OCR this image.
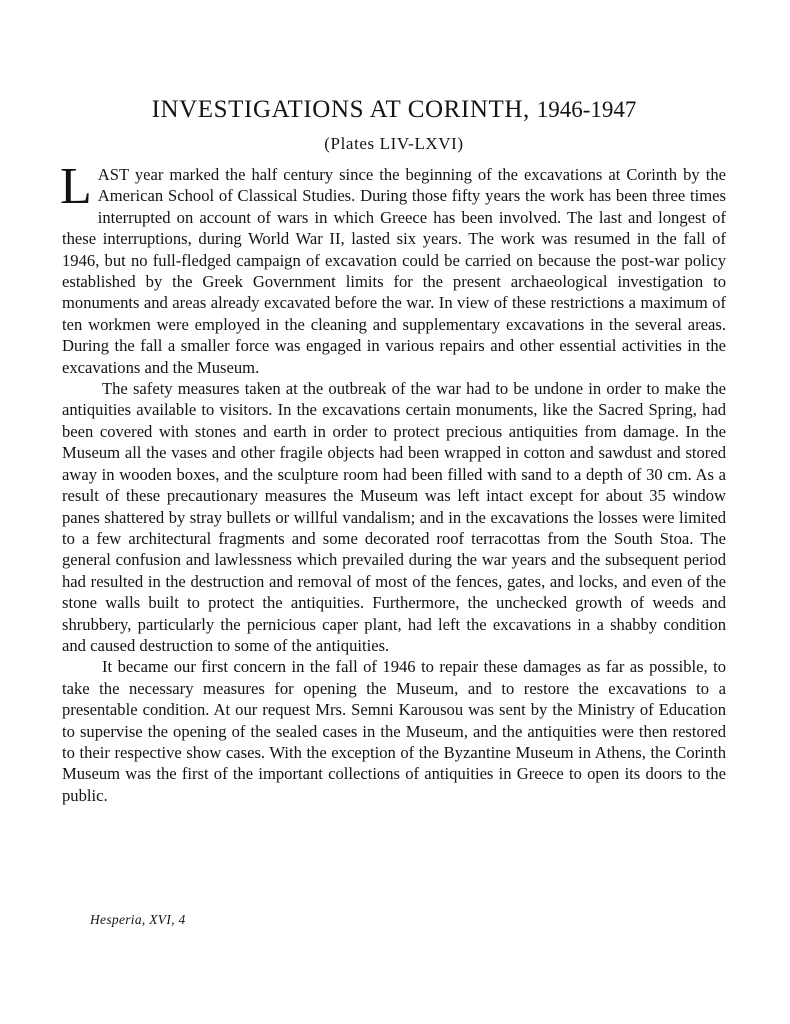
INVESTIGATIONS AT CORINTH, 1946-1947
(Plates LIV-LXVI)

LAST year marked the half century since the beginning of the excavations at Corinth by the American School of Classical Studies. During those fifty years the work has been three times interrupted on account of wars in which Greece has been involved. The last and longest of these interruptions, during World War II, lasted six years. The work was resumed in the fall of 1946, but no full-fledged campaign of excavation could be carried on because the post-war policy established by the Greek Government limits for the present archaeological investigation to monuments and areas already excavated before the war. In view of these restrictions a maximum of ten workmen were employed in the cleaning and supplementary excavations in the several areas. During the fall a smaller force was engaged in various repairs and other essential activities in the excavations and the Museum.

The safety measures taken at the outbreak of the war had to be undone in order to make the antiquities available to visitors. In the excavations certain monuments, like the Sacred Spring, had been covered with stones and earth in order to protect precious antiquities from damage. In the Museum all the vases and other fragile objects had been wrapped in cotton and sawdust and stored away in wooden boxes, and the sculpture room had been filled with sand to a depth of 30 cm. As a result of these precautionary measures the Museum was left intact except for about 35 window panes shattered by stray bullets or willful vandalism; and in the excavations the losses were limited to a few architectural fragments and some decorated roof terracottas from the South Stoa. The general confusion and lawlessness which prevailed during the war years and the subsequent period had resulted in the destruction and removal of most of the fences, gates, and locks, and even of the stone walls built to protect the antiquities. Furthermore, the unchecked growth of weeds and shrubbery, particularly the pernicious caper plant, had left the excavations in a shabby condition and caused destruction to some of the antiquities.

It became our first concern in the fall of 1946 to repair these damages as far as possible, to take the necessary measures for opening the Museum, and to restore the excavations to a presentable condition. At our request Mrs. Semni Karousou was sent by the Ministry of Education to supervise the opening of the sealed cases in the Museum, and the antiquities were then restored to their respective show cases. With the exception of the Byzantine Museum in Athens, the Corinth Museum was the first of the important collections of antiquities in Greece to open its doors to the public.

Hesperia, XVI, 4
